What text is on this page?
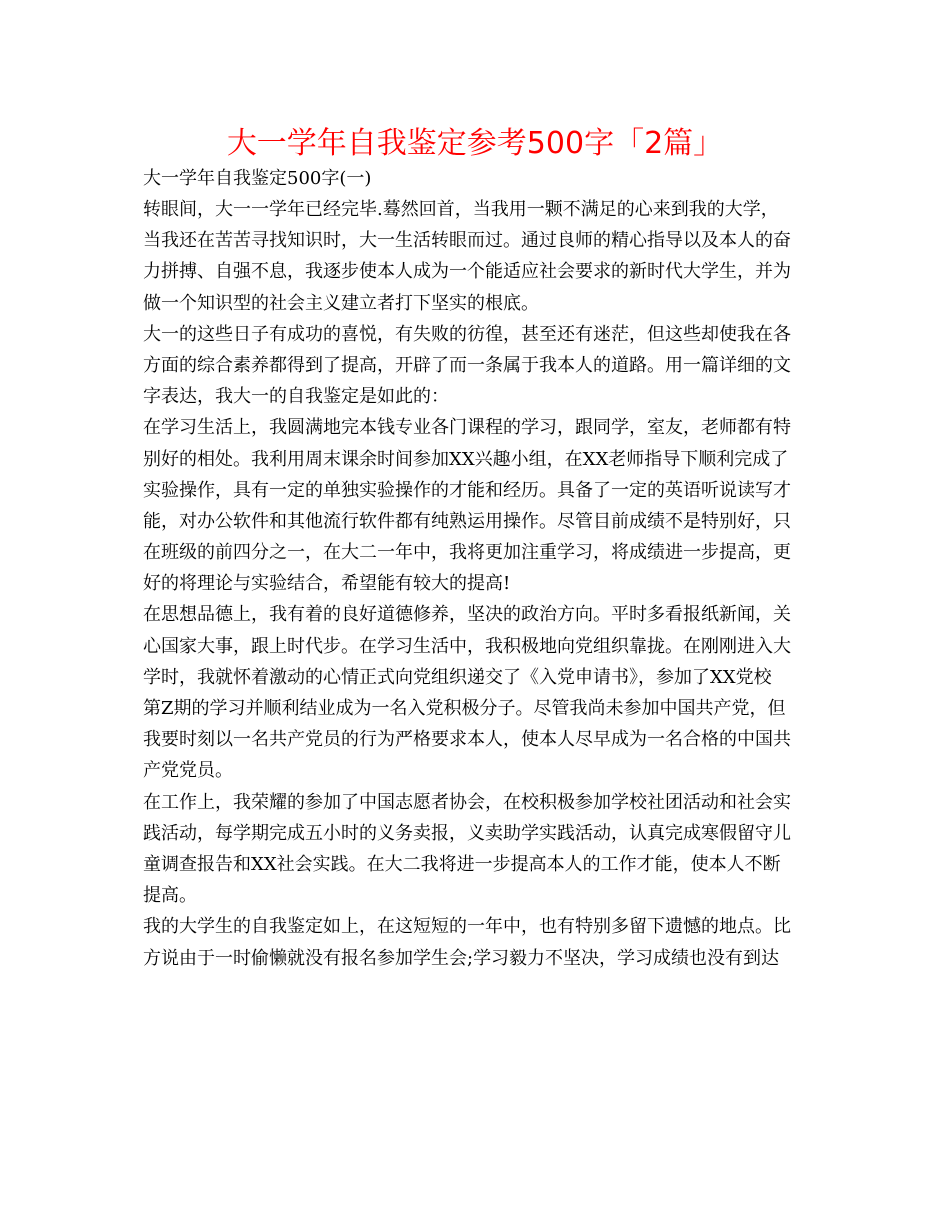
大一学年自我鉴定参考500字「2篇」
大一学年自我鉴定500字(一)

转眼间，大一一学年已经完毕.蓦然回首，当我用一颗不满足的心来到我的大学，
当我还在苦苦寻找知识时，大一生活转眼而过。通过良师的精心指导以及本人的奋
力拼搏、自强不息，我逐步使本人成为一个能适应社会要求的新时代大学生，并为
做一个知识型的社会主义建立者打下坚实的根底。

大一的这些日子有成功的喜悦，有失败的彷徨，甚至还有迷茫，但这些却使我在各
方面的综合素养都得到了提高，开辟了而一条属于我本人的道路。用一篇详细的文
字表达，我大一的自我鉴定是如此的：

在学习生活上，我圆满地完本钱专业各门课程的学习，跟同学，室友，老师都有特
别好的相处。我利用周末课余时间参加XX兴趣小组，在XX老师指导下顺利完成了
实验操作，具有一定的单独实验操作的才能和经历。具备了一定的英语听说读写才
能，对办公软件和其他流行软件都有纯熟运用操作。尽管目前成绩不是特别好，只
在班级的前四分之一，在大二一年中，我将更加注重学习，将成绩进一步提高，更
好的将理论与实验结合，希望能有较大的提高!

在思想品德上，我有着的良好道德修养，坚决的政治方向。平时多看报纸新闻，关
心国家大事，跟上时代步。在学习生活中，我积极地向党组织靠拢。在刚刚进入大
学时，我就怀着激动的心情正式向党组织递交了《入党申请书》，参加了XX党校
第Z期的学习并顺利结业成为一名入党积极分子。尽管我尚未参加中国共产党，但
我要时刻以一名共产党员的行为严格要求本人，使本人尽早成为一名合格的中国共
产党党员。

在工作上，我荣耀的参加了中国志愿者协会，在校积极参加学校社团活动和社会实
践活动，每学期完成五小时的义务卖报，义卖助学实践活动，认真完成寒假留守儿
童调查报告和XX社会实践。在大二我将进一步提高本人的工作才能，使本人不断
提高。

我的大学生的自我鉴定如上，在这短短的一年中，也有特别多留下遗憾的地点。比
方说由于一时偷懒就没有报名参加学生会;学习毅力不坚决，学习成绩也没有到达
